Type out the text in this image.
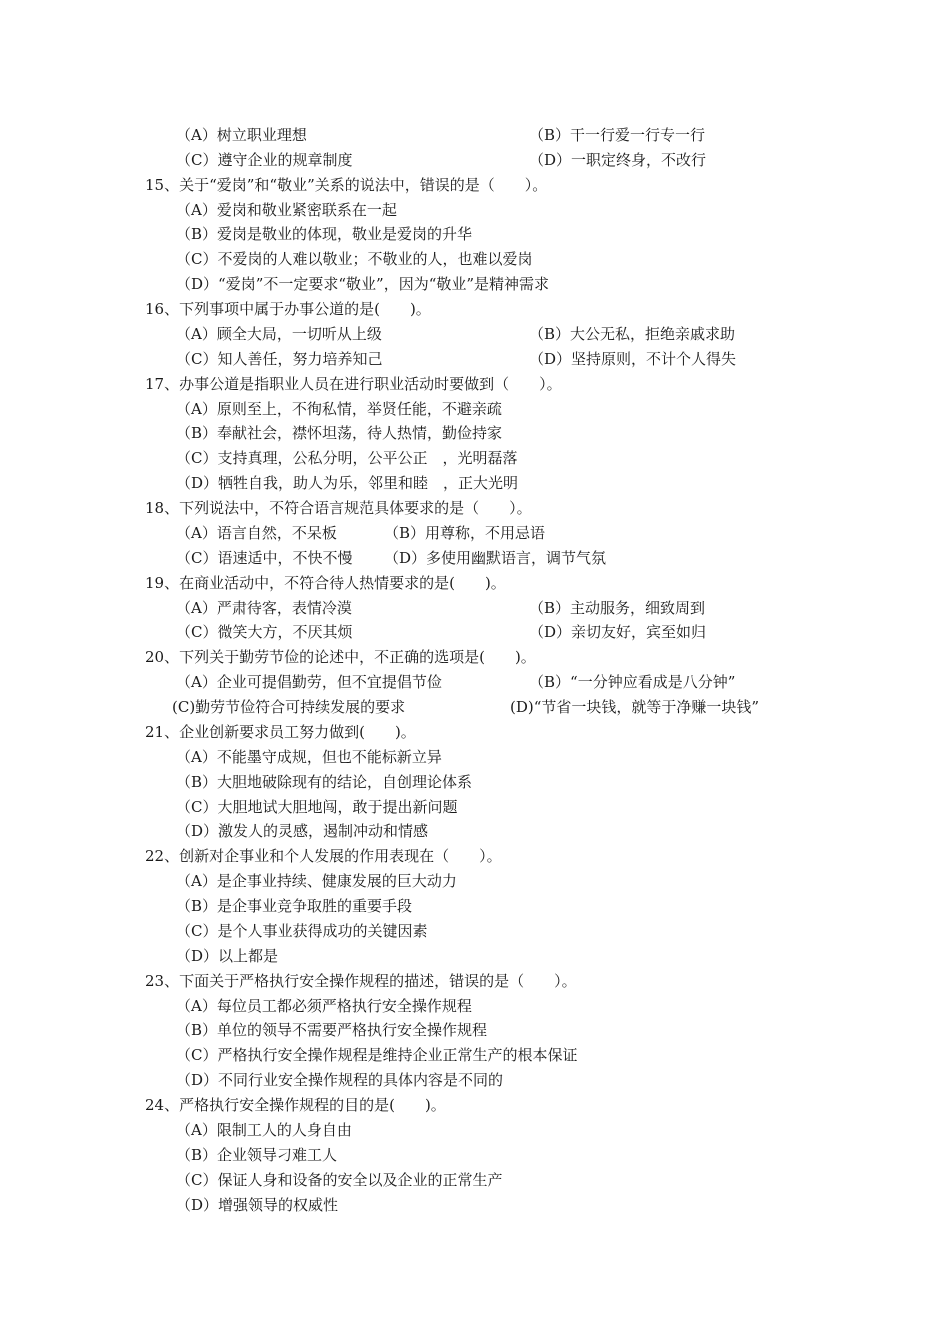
（A）树立职业理想	（B）干一行爱一行专一行
（C）遵守企业的规章制度	（D）一职定终身，不改行
15、关于“爱岗”和“敬业”关系的说法中，错误的是（　　）。
（A）爱岗和敬业紧密联系在一起
（B）爱岗是敬业的体现，敬业是爱岗的升华
（C）不爱岗的人难以敬业；不敬业的人，也难以爱岗
（D）“爱岗”不一定要求“敬业”，因为“敬业”是精神需求
16、下列事项中属于办事公道的是(　　)。
（A）顾全大局，一切听从上级	（B）大公无私，拒绝亲戚求助
（C）知人善任，努力培养知己	（D）坚持原则，不计个人得失
17、办事公道是指职业人员在进行职业活动时要做到（　　）。
（A）原则至上，不徇私情，举贤任能，不避亲疏
（B）奉献社会，襟怀坦荡，待人热情，勤俭持家
（C）支持真理，公私分明，公平公正　，光明磊落
（D）牺牲自我，助人为乐，邻里和睦　，正大光明
18、下列说法中，不符合语言规范具体要求的是（　　）。
（A）语言自然，不呆板	（B）用尊称，不用忌语
（C）语速适中，不快不慢 （D）多使用幽默语言，调节气氛
19、在商业活动中，不符合待人热情要求的是(　　)。
（A）严肃待客，表情冷漠	（B）主动服务，细致周到
（C）微笑大方，不厌其烦	（D）亲切友好，宾至如归
20、下列关于勤劳节俭的论述中，不正确的选项是(　　)。
（A）企业可提倡勤劳，但不宜提倡节俭	（B）“一分钟应看成是八分钟”
(C)勤劳节俭符合可持续发展的要求	(D)“节省一块钱，就等于净赚一块钱”
21、企业创新要求员工努力做到(　　)。
（A）不能墨守成规，但也不能标新立异
（B）大胆地破除现有的结论，自创理论体系
（C）大胆地试大胆地闯，敢于提出新问题
（D）激发人的灵感，遏制冲动和情感
22、创新对企事业和个人发展的作用表现在（　　）。
（A）是企事业持续、健康发展的巨大动力
（B）是企事业竞争取胜的重要手段
（C）是个人事业获得成功的关键因素
（D）以上都是
23、下面关于严格执行安全操作规程的描述，错误的是（　　）。
（A）每位员工都必须严格执行安全操作规程
（B）单位的领导不需要严格执行安全操作规程
（C）严格执行安全操作规程是维持企业正常生产的根本保证
（D）不同行业安全操作规程的具体内容是不同的
24、严格执行安全操作规程的目的是(　　)。
（A）限制工人的人身自由
（B）企业领导刁难工人
（C）保证人身和设备的安全以及企业的正常生产
（D）增强领导的权威性
